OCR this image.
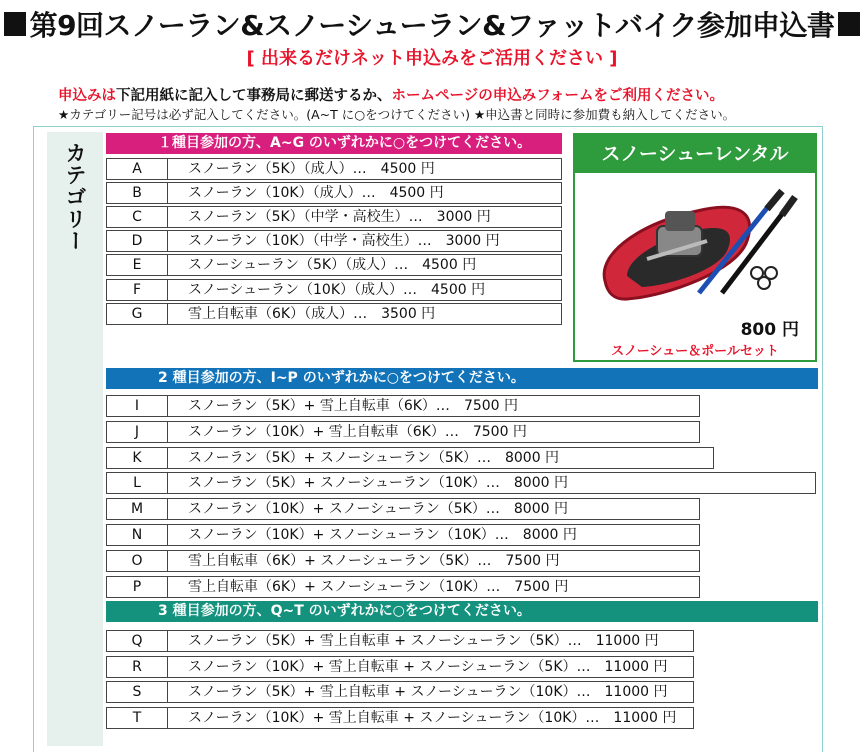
第9回スノーラン&スノーシューラン&ファットバイク参加申込書
[ 出来るだけネット申込みをご活用ください ]
申込みは下記用紙に記入して事務局に郵送するか、ホームページの申込みフォームをご利用ください。
★カテゴリー記号は必ず記入してください。(A~T に○をつけてください) ★申込書と同時に参加費も納入してください。
カテゴリー	１種目参加の方、A~G のいずれかに○をつけてください。
A	スノーラン（5K）（成人）… 4500 円
B	スノーラン（10K）（成人）… 4500 円
C	スノーラン（5K）（中学・高校生）… 3000 円
D	スノーラン（10K）（中学・高校生）… 3000 円
E	スノーシューラン（5K）（成人）… 4500 円
F	スノーシューラン（10K）（成人）… 4500 円
G	雪上自転車（6K）（成人）… 3500 円
2 種目参加の方、I~P のいずれかに○をつけてください。
I	スノーラン（5K）+ 雪上自転車（6K）… 7500 円
J	スノーラン（10K）+ 雪上自転車（6K）… 7500 円
K	スノーラン（5K）+ スノーシューラン（5K）… 8000 円
L	スノーラン（5K）+ スノーシューラン（10K）… 8000 円
M	スノーラン（10K）+ スノーシューラン（5K）… 8000 円
N	スノーラン（10K）+ スノーシューラン（10K）… 8000 円
O	雪上自転車（6K）+ スノーシューラン（5K）… 7500 円
P	雪上自転車（6K）+ スノーシューラン（10K）… 7500 円
3 種目参加の方、Q~T のいずれかに○をつけてください。
Q	スノーラン（5K）+ 雪上自転車 + スノーシューラン（5K）… 11000 円
R	スノーラン（10K）+ 雪上自転車 + スノーシューラン（5K）… 11000 円
S	スノーラン（5K）+ 雪上自転車 + スノーシューラン（10K）… 11000 円
T	スノーラン（10K）+ 雪上自転車 + スノーシューラン（10K）… 11000 円
スノーシューレンタル
800 円
スノーシュー＆ポールセット
